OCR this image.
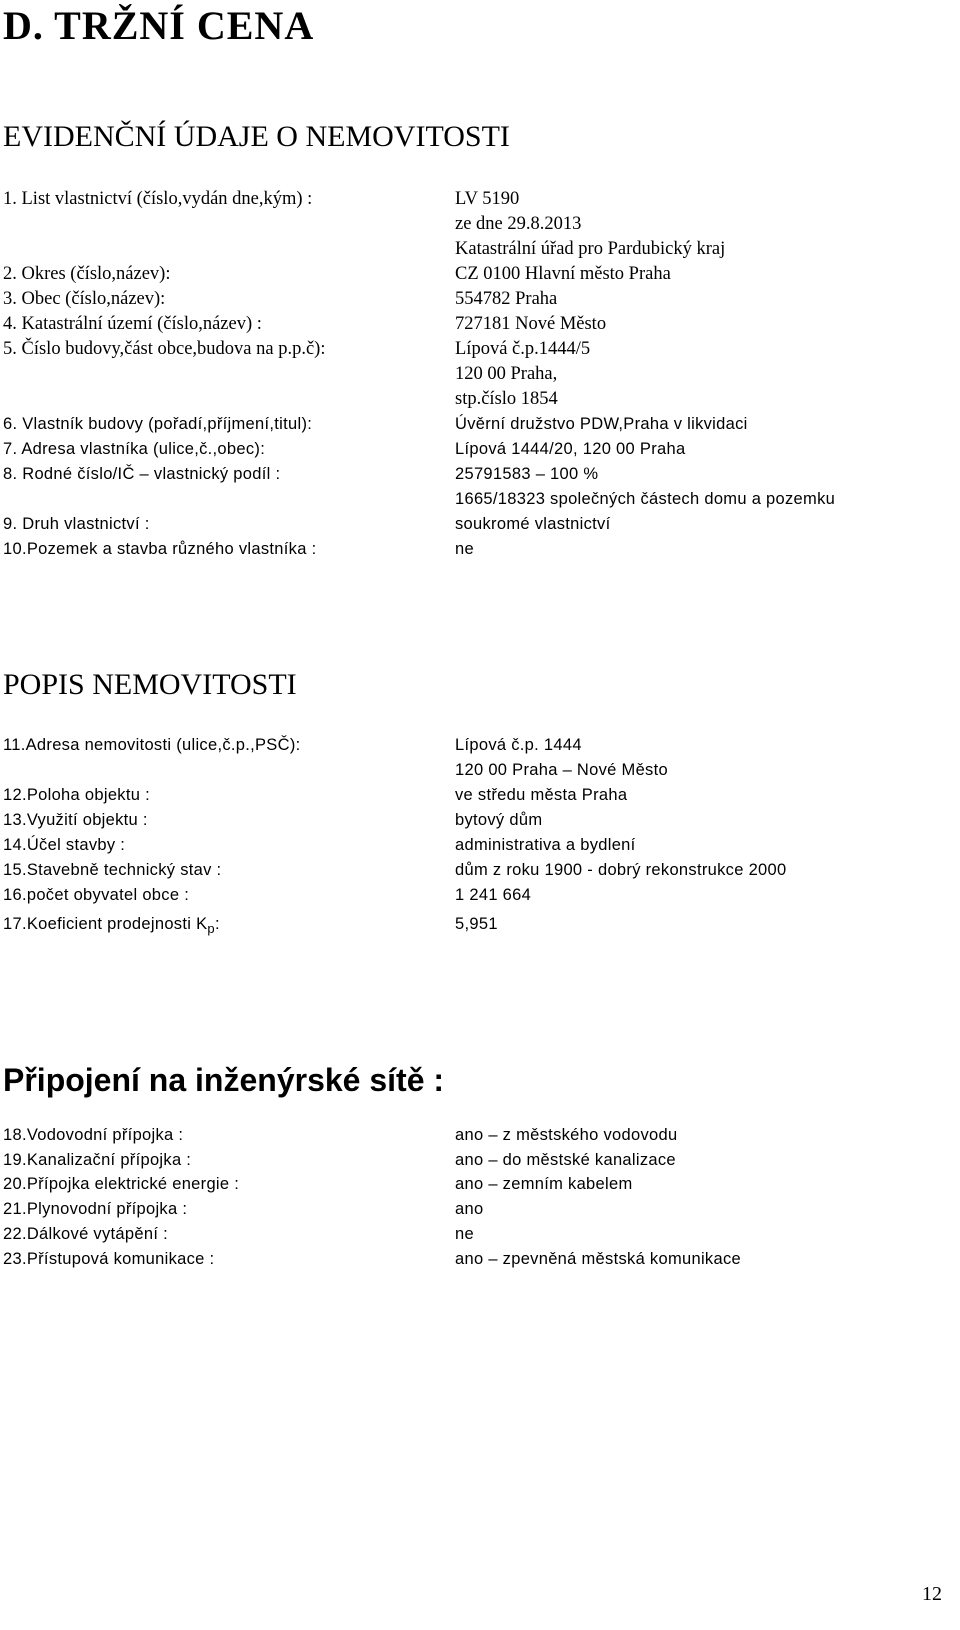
D. TRŽNÍ CENA
EVIDENČNÍ ÚDAJE O NEMOVITOSTI
1. List vlastnictví (číslo,vydán dne,kým) :	LV 5190
ze dne 29.8.2013
Katastrální úřad pro Pardubický kraj
2. Okres (číslo,název):	CZ 0100 Hlavní město Praha
3. Obec (číslo,název):	554782 Praha
4. Katastrální území (číslo,název) :	727181 Nové Město
5. Číslo budovy,část obce,budova na p.p.č):	Lípová č.p.1444/5
120 00 Praha,
stp.číslo 1854
6. Vlastník budovy (pořadí,příjmení,titul):	Úvěrní družstvo PDW,Praha v likvidaci
7. Adresa vlastníka (ulice,č.,obec):	Lípová 1444/20, 120 00 Praha
8. Rodné číslo/IČ – vlastnický podíl :	25791583 – 100 %
1665/18323 společných částech domu a pozemku
9. Druh vlastnictví :	soukromé vlastnictví
10.Pozemek a stavba různého vlastníka :	ne
POPIS NEMOVITOSTI
11.Adresa nemovitosti (ulice,č.p.,PSČ):	Lípová č.p. 1444
120 00 Praha – Nové Město
12.Poloha objektu :	ve středu města Praha
13.Využití objektu :	bytový dům
14.Účel stavby :	administrativa a bydlení
15.Stavebně technický stav :	dům z roku 1900 - dobrý rekonstrukce 2000
16.počet obyvatel obce :	1 241 664
17.Koeficient prodejnosti $K_p$:	5,951
Připojení na inženýrské sítě :
18.Vodovodní přípojka :	ano – z městského vodovodu
19.Kanalizační přípojka :	ano – do městské kanalizace
20.Přípojka elektrické energie :	ano – zemním kabelem
21.Plynovodní přípojka :	ano
22.Dálkové vytápění :	ne
23.Přístupová komunikace :	ano – zpevněná městská komunikace
12
